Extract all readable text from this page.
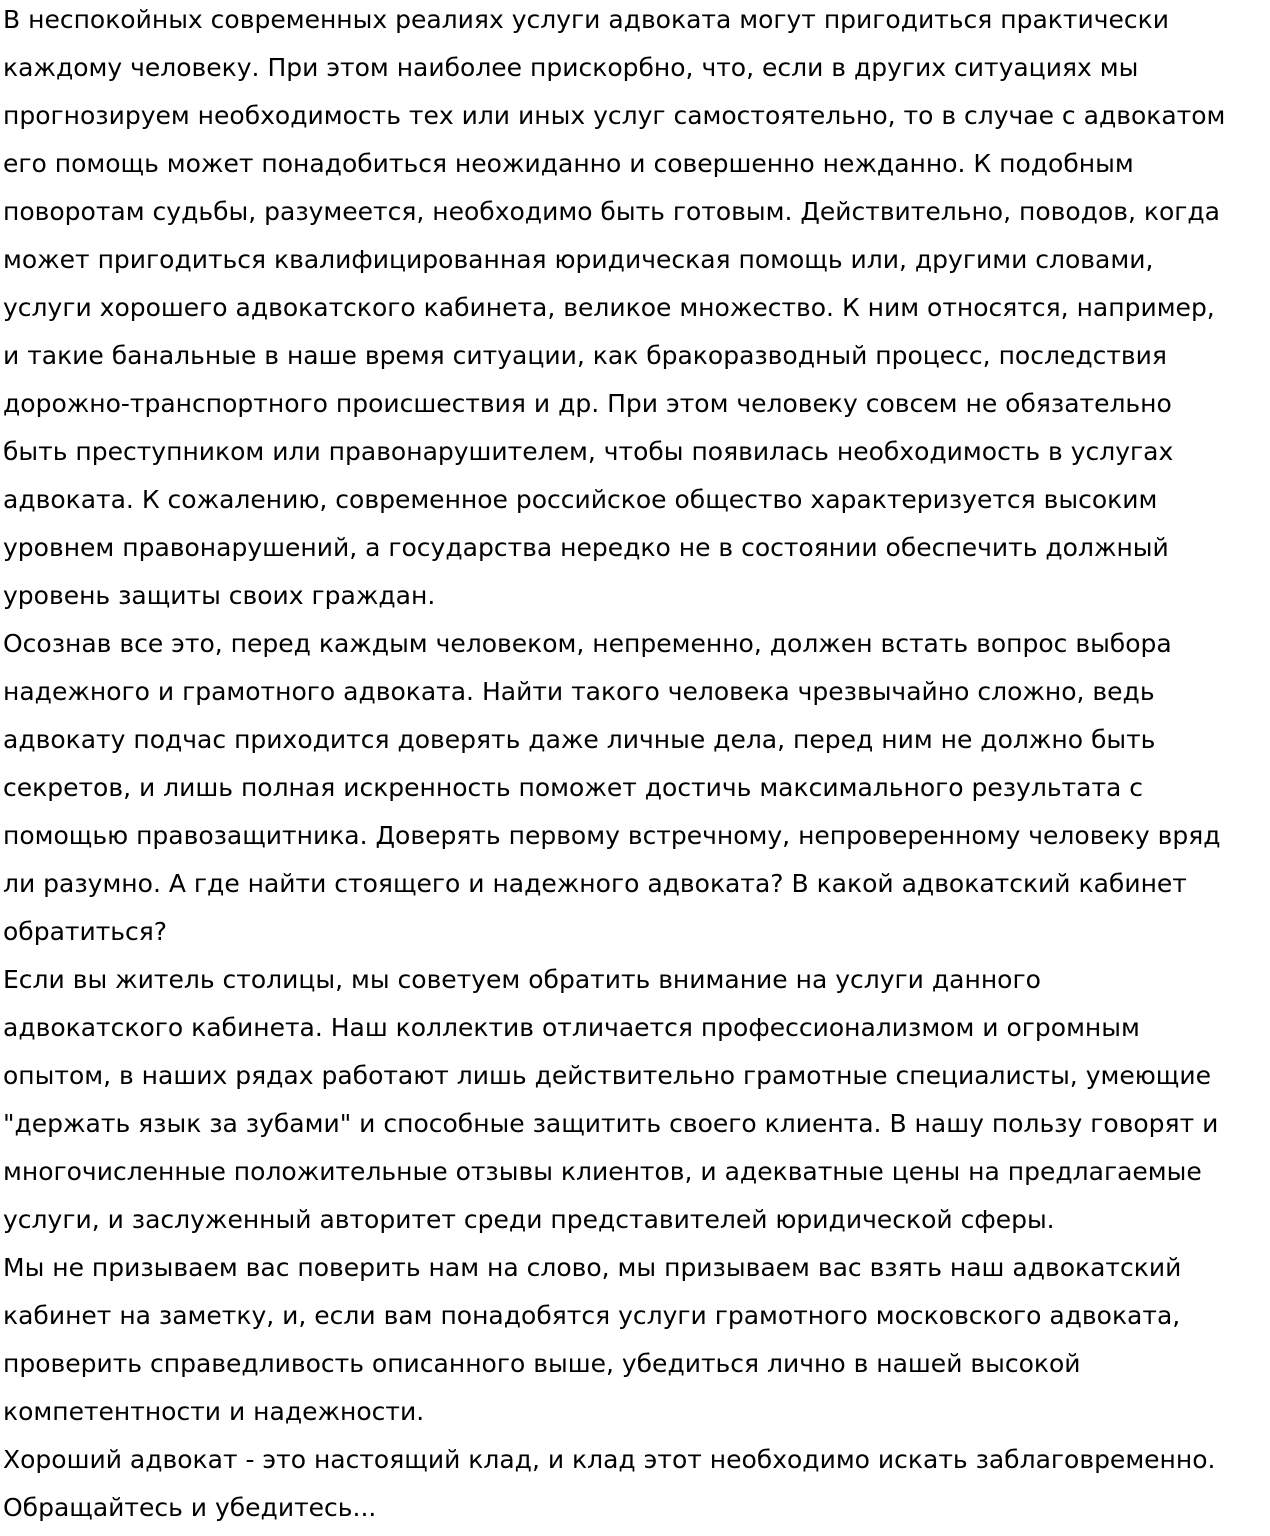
В неспокойных современных реалиях услуги адвоката могут пригодиться практически
каждому человеку. При этом наиболее прискорбно, что, если в других ситуациях мы
прогнозируем необходимость тех или иных услуг самостоятельно, то в случае с адвокатом
его помощь может понадобиться неожиданно и совершенно нежданно. К подобным
поворотам судьбы, разумеется, необходимо быть готовым. Действительно, поводов, когда
может пригодиться квалифицированная юридическая помощь или, другими словами,
услуги хорошего адвокатского кабинета, великое множество. К ним относятся, например,
и такие банальные в наше время ситуации, как бракоразводный процесс, последствия
дорожно-транспортного происшествия и др. При этом человеку совсем не обязательно
быть преступником или правонарушителем, чтобы появилась необходимость в услугах
адвоката. К сожалению, современное российское общество характеризуется высоким
уровнем правонарушений, а государства нередко не в состоянии обеспечить должный
уровень защиты своих граждан.
Осознав все это, перед каждым человеком, непременно, должен встать вопрос выбора
надежного и грамотного адвоката. Найти такого человека чрезвычайно сложно, ведь
адвокату подчас приходится доверять даже личные дела, перед ним не должно быть
секретов, и лишь полная искренность поможет достичь максимального результата с
помощью правозащитника. Доверять первому встречному, непроверенному человеку вряд
ли разумно. А где найти стоящего и надежного адвоката? В какой адвокатский кабинет
обратиться?
Если вы житель столицы, мы советуем обратить внимание на услуги данного
адвокатского кабинета. Наш коллектив отличается профессионализмом и огромным
опытом, в наших рядах работают лишь действительно грамотные специалисты, умеющие
"держать язык за зубами" и способные защитить своего клиента. В нашу пользу говорят и
многочисленные положительные отзывы клиентов, и адекватные цены на предлагаемые
услуги, и заслуженный авторитет среди представителей юридической сферы.
Мы не призываем вас поверить нам на слово, мы призываем вас взять наш адвокатский
кабинет на заметку, и, если вам понадобятся услуги грамотного московского адвоката,
проверить справедливость описанного выше, убедиться лично в нашей высокой
компетентности и надежности.
Хороший адвокат - это настоящий клад, и клад этот необходимо искать заблаговременно.
Обращайтесь и убедитесь...
